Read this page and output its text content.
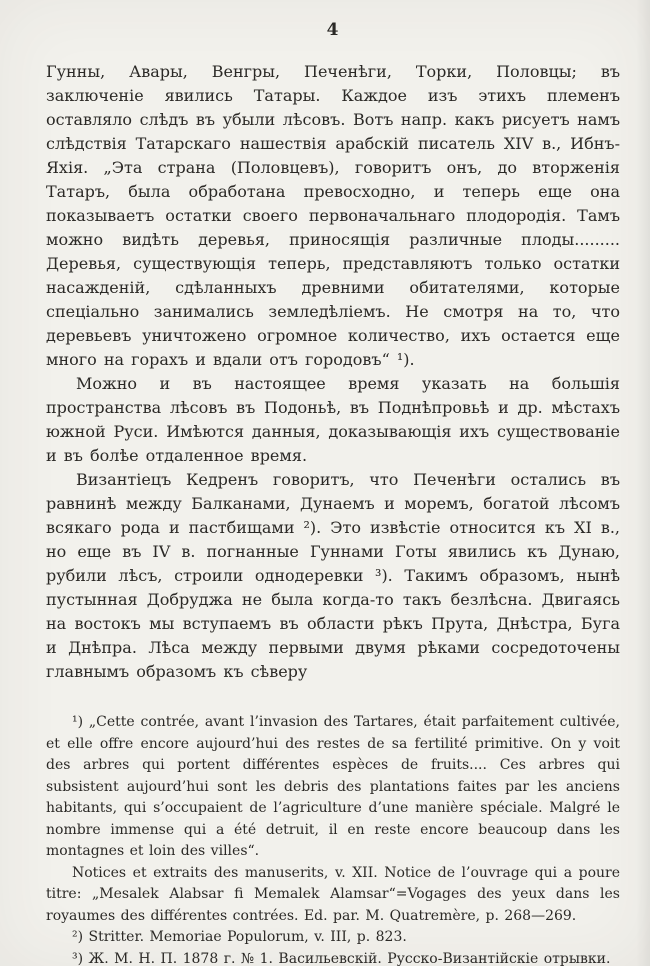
4

Гунны, Авары, Венгры, Печенѣги, Торки, Половцы; въ заключеніе явились Татары. Каждое изъ этихъ племенъ оставляло слѣдъ въ убыли лѣсовъ. Вотъ напр. какъ рисуетъ намъ слѣдствія Татарскаго нашествія арабскій писатель XIV в., Ибнъ-Яхія. „Эта страна (Половцевъ), говоритъ онъ, до вторженія Татаръ, была обработана превосходно, и теперь еще она показываетъ остатки своего первоначальнаго плодородія. Тамъ можно видѣть деревья, приносящія различные плоды......... Деревья, существующія теперь, представляютъ только остатки насажденій, сдѣланныхъ древними обитателями, которые спеціально занимались земледѣліемъ. Не смотря на то, что деревьевъ уничтожено огромное количество, ихъ остается еще много на горахъ и вдали отъ городовъ“ ¹).

Можно и въ настоящее время указать на большія пространства лѣсовъ въ Подоньѣ, въ Поднѣпровьѣ и др. мѣстахъ южной Руси. Имѣются данныя, доказывающія ихъ существованіе и въ болѣе отдаленное время.

Византіецъ Кедренъ говоритъ, что Печенѣги остались въ равнинѣ между Балканами, Дунаемъ и моремъ, богатой лѣсомъ всякаго рода и пастбищами ²). Это извѣстіе относится къ XI в., но еще въ IV в. погнанные Гуннами Готы явились къ Дунаю, рубили лѣсъ, строили однодеревки ³). Такимъ образомъ, нынѣ пустынная Добруджа не была когда-то такъ безлѣсна. Двигаясь на востокъ мы вступаемъ въ области рѣкъ Прута, Днѣстра, Буга и Днѣпра. Лѣса между первыми двумя рѣками сосредоточены главнымъ образомъ къ сѣверу

¹) „Cette contrée, avant l’invasion des Tartares, était parfaitement cultivée, et elle offre encore aujourd’hui des restes de sa fertilité primitive. On y voit des arbres qui portent différentes espèces de fruits.... Ces arbres qui subsistent aujourd’hui sont les debris des plantations faites par les anciens habitants, qui s’occupaient de l’agriculture d’une manière spéciale. Malgré le nombre immense qui a été detruit, il en reste encore beaucoup dans les montagnes et loin des villes“.

Notices et extraits des manuserits, v. XII. Notice de l’ouvrage qui a poure titre: „Mesalek Alabsar fi Memalek Alamsar“=Vogages des yeux dans les royaumes des différentes contrées. Ed. par. M. Quatremère, p. 268—269.

²) Stritter. Memoriae Populorum, v. III, p. 823.

³) Ж. М. Н. П. 1878 г. № 1. Васильевскій. Русско-Византійскіе отрывки.
